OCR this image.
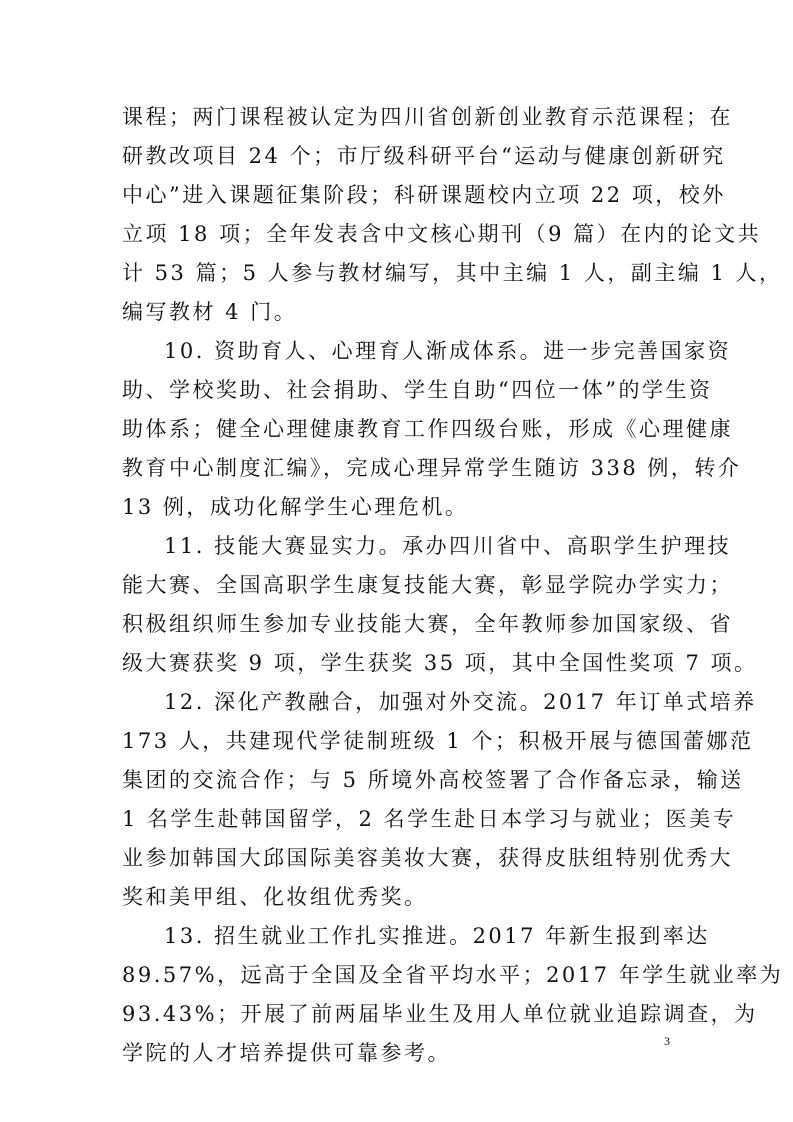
课程；两门课程被认定为四川省创新创业教育示范课程；在
研教改项目 24 个；市厅级科研平台“运动与健康创新研究
中心”进入课题征集阶段；科研课题校内立项 22 项，校外
立项 18 项；全年发表含中文核心期刊（9 篇）在内的论文共
计 53 篇；5 人参与教材编写，其中主编 1 人，副主编 1 人，
编写教材 4 门。
10. 资助育人、心理育人渐成体系。进一步完善国家资
助、学校奖助、社会捐助、学生自助“四位一体”的学生资
助体系；健全心理健康教育工作四级台账，形成《心理健康
教育中心制度汇编》，完成心理异常学生随访 338 例，转介
13 例，成功化解学生心理危机。
11. 技能大赛显实力。承办四川省中、高职学生护理技
能大赛、全国高职学生康复技能大赛，彰显学院办学实力；
积极组织师生参加专业技能大赛，全年教师参加国家级、省
级大赛获奖 9 项，学生获奖 35 项，其中全国性奖项 7 项。
12. 深化产教融合，加强对外交流。2017 年订单式培养
173 人，共建现代学徒制班级 1 个；积极开展与德国蕾娜范
集团的交流合作；与 5 所境外高校签署了合作备忘录，输送
1 名学生赴韩国留学，2 名学生赴日本学习与就业；医美专
业参加韩国大邱国际美容美妆大赛，获得皮肤组特别优秀大
奖和美甲组、化妆组优秀奖。
13. 招生就业工作扎实推进。2017 年新生报到率达
89.57%，远高于全国及全省平均水平；2017 年学生就业率为
93.43%；开展了前两届毕业生及用人单位就业追踪调查，为
学院的人才培养提供可靠参考。	3
